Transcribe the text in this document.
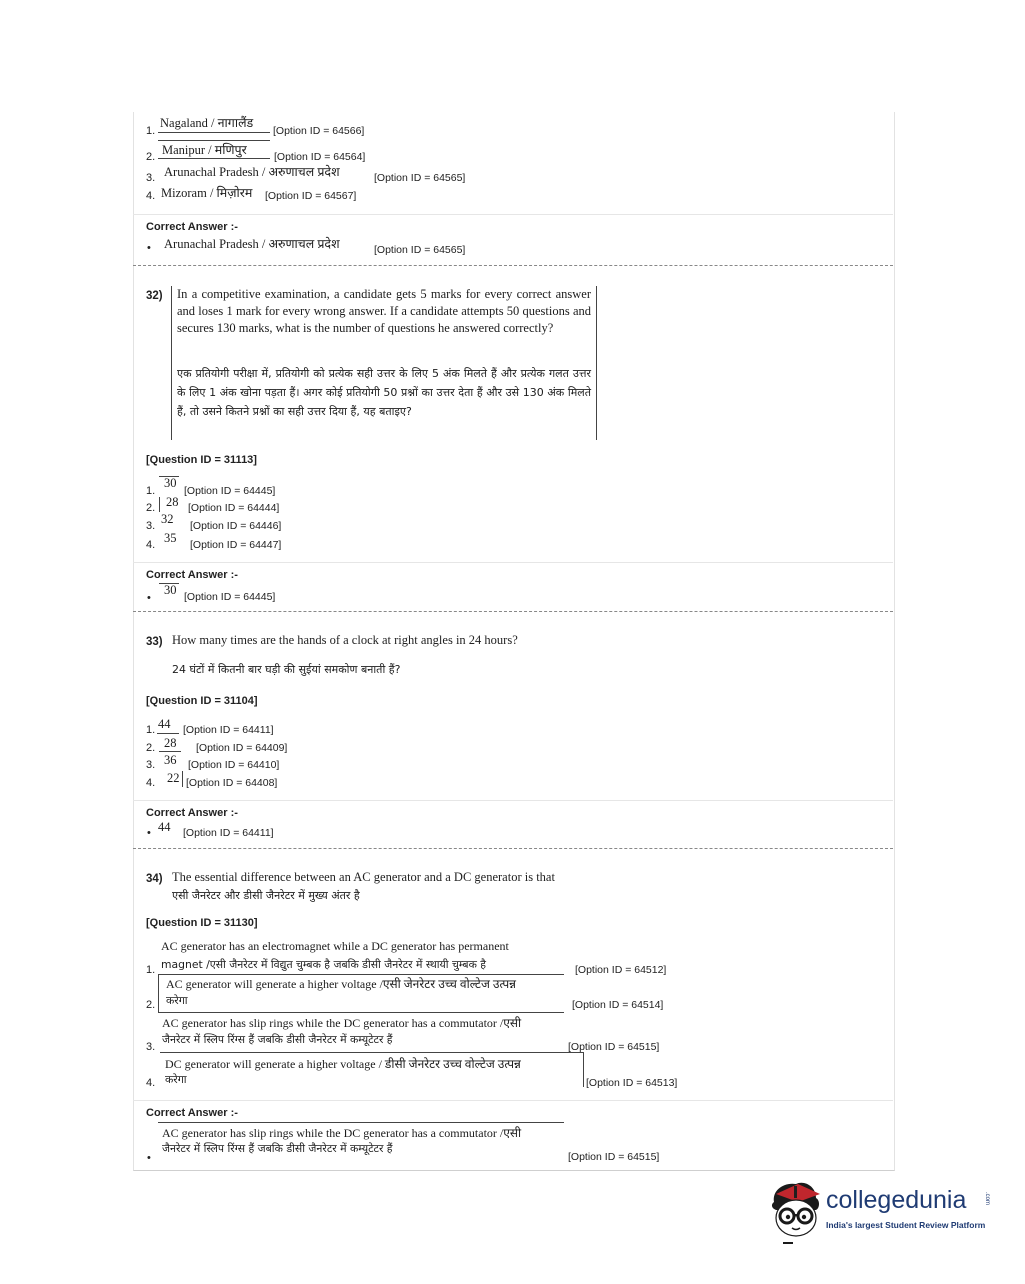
1.
Nagaland / नागालैंड
[Option ID = 64566]
2. Manipur / मणिपुर	[Option ID = 64564]
3. Arunachal Pradesh / अरुणाचल प्रदेश	[Option ID = 64565]
4. Mizoram / मिज़ोरम [Option ID = 64567]
Correct Answer :-
• Arunachal Pradesh / अरुणाचल प्रदेश	[Option ID = 64565]
32) In a competitive examination, a candidate gets 5 marks for every correct answer and loses 1 mark for every wrong answer. If a candidate attempts 50 questions and secures 130 marks, what is the number of questions he answered correctly?
एक प्रतियोगी परीक्षा में, प्रतियोगी को प्रत्येक सही उत्तर के लिए 5 अंक मिलते हैं और प्रत्येक गलत उत्तर के लिए 1 अंक खोना पड़ता हैं। अगर कोई प्रतियोगी 50 प्रश्नों का उत्तर देता हैं और उसे 130 अंक मिलते हैं, तो उसने कितने प्रश्नों का सही उत्तर दिया हैं, यह बताइए?
[Question ID = 31113]
1.
30
[Option ID = 64445]
2. 28 [Option ID = 64444]
3. 32 [Option ID = 64446]
4. 35 [Option ID = 64447]
Correct Answer :-
•
30 [Option ID = 64445]
33) How many times are the hands of a clock at right angles in 24 hours?
24 घंटों में कितनी बार घड़ी की सुईयां समकोण बनाती हैं?
[Question ID = 31104]
1. 44 [Option ID = 64411]
2. 28 [Option ID = 64409]
3. 36 [Option ID = 64410]
4. 22 [Option ID = 64408]
Correct Answer :-
• 44 [Option ID = 64411]
34) The essential difference between an AC generator and a DC generator is that
एसी जैनरेटर और डीसी जैनरेटर में मुख्य अंतर है
[Question ID = 31130]
1.
AC generator has an electromagnet while a DC generator has permanent
magnet /एसी जैनरेटर में विद्युत चुम्बक है जबकि डीसी जैनरेटर में स्थायी चुम्बक है	[Option ID = 64512]
2.
AC generator will generate a higher voltage /एसी जेनरेटर उच्च वोल्टेज उत्पन्न
करेगा	[Option ID = 64514]
3.
AC generator has slip rings while the DC generator has a commutator /एसी
जैनरेटर में स्लिप रिंग्स हैं जबकि डीसी जैनरेटर में कम्यूटेटर हैं
[Option ID = 64515]
4.
DC generator will generate a higher voltage / डीसी जेनरेटर उच्च वोल्टेज उत्पन्न
करेगा	[Option ID = 64513]
Correct Answer :-
AC generator has slip rings while the DC generator has a commutator /एसी
जैनरेटर में स्लिप रिंग्स हैं जबकि डीसी जैनरेटर में कम्यूटेटर हैं
•	[Option ID = 64515]
collegedunia	.com
India's largest Student Review Platform
